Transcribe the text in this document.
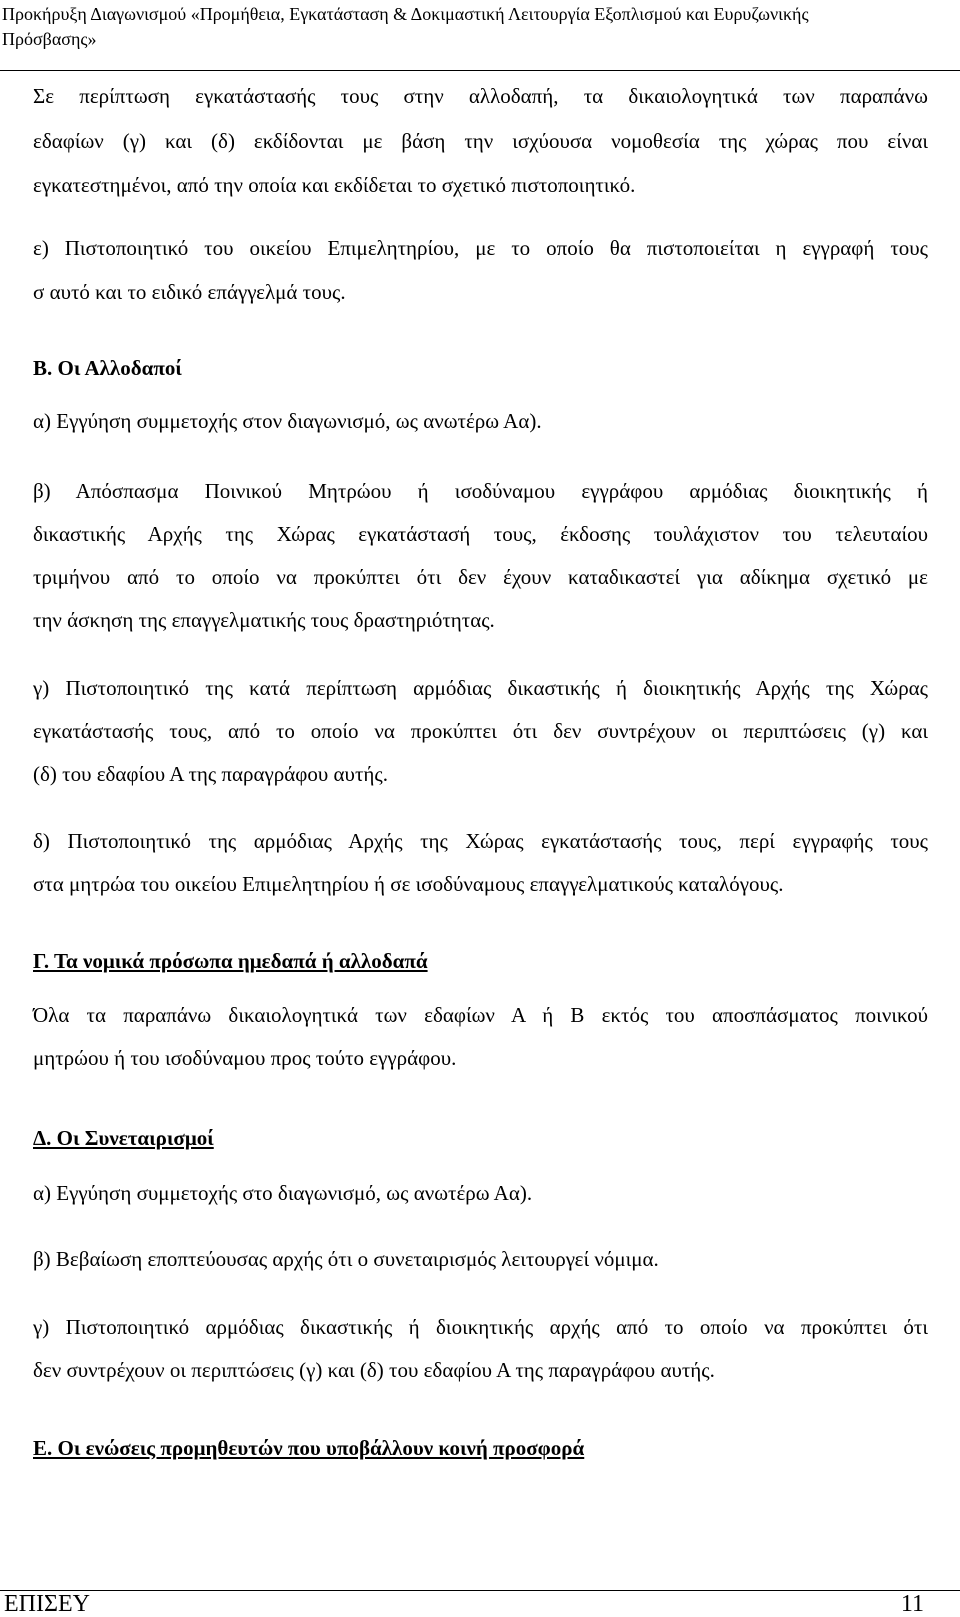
Προκήρυξη Διαγωνισμού «Προμήθεια, Εγκατάσταση & Δοκιμαστική Λειτουργία Εξοπλισμού και Ευρυζωνικής
Πρόσβασης»
Σε περίπτωση εγκατάστασής τους στην αλλοδαπή, τα δικαιολογητικά των παραπάνω
εδαφίων (γ) και (δ) εκδίδονται με βάση την ισχύουσα νομοθεσία της χώρας που είναι
εγκατεστημένοι, από την οποία και εκδίδεται το σχετικό πιστοποιητικό.
ε) Πιστοποιητικό του οικείου Επιμελητηρίου, με το οποίο θα πιστοποιείται η εγγραφή τους
σ αυτό και το ειδικό επάγγελμά τους.
Β. Οι Αλλοδαποί
α) Εγγύηση συμμετοχής στον διαγωνισμό, ως ανωτέρω Αα).
β) Απόσπασμα Ποινικού Μητρώου ή ισοδύναμου εγγράφου αρμόδιας διοικητικής ή
δικαστικής Αρχής της Χώρας εγκατάστασή τους, έκδοσης τουλάχιστον του τελευταίου
τριμήνου από το οποίο να προκύπτει ότι δεν έχουν καταδικαστεί για αδίκημα σχετικό με
την άσκηση της επαγγελματικής τους δραστηριότητας.
γ) Πιστοποιητικό της κατά περίπτωση αρμόδιας δικαστικής ή διοικητικής Αρχής της Χώρας
εγκατάστασής τους, από το οποίο να προκύπτει ότι δεν συντρέχουν οι περιπτώσεις (γ) και
(δ) του εδαφίου Α της παραγράφου αυτής.
δ) Πιστοποιητικό της αρμόδιας Αρχής της Χώρας εγκατάστασής τους, περί εγγραφής τους
στα μητρώα του οικείου Επιμελητηρίου ή σε ισοδύναμους επαγγελματικούς καταλόγους.
Γ. Τα νομικά πρόσωπα ημεδαπά ή αλλοδαπά
Όλα τα παραπάνω δικαιολογητικά των εδαφίων Α ή Β εκτός του αποσπάσματος ποινικού
μητρώου ή του ισοδύναμου προς τούτο εγγράφου.
Δ. Οι Συνεταιρισμοί
α) Εγγύηση συμμετοχής στο διαγωνισμό, ως ανωτέρω Αα).
β) Βεβαίωση εποπτεύουσας αρχής ότι ο συνεταιρισμός λειτουργεί νόμιμα.
γ) Πιστοποιητικό αρμόδιας δικαστικής ή διοικητικής αρχής από το οποίο να προκύπτει ότι
δεν συντρέχουν οι περιπτώσεις (γ) και (δ) του εδαφίου Α της παραγράφου αυτής.
Ε. Οι ενώσεις προμηθευτών που υποβάλλουν κοινή προσφορά
ΕΠΙΣΕΥ	11
